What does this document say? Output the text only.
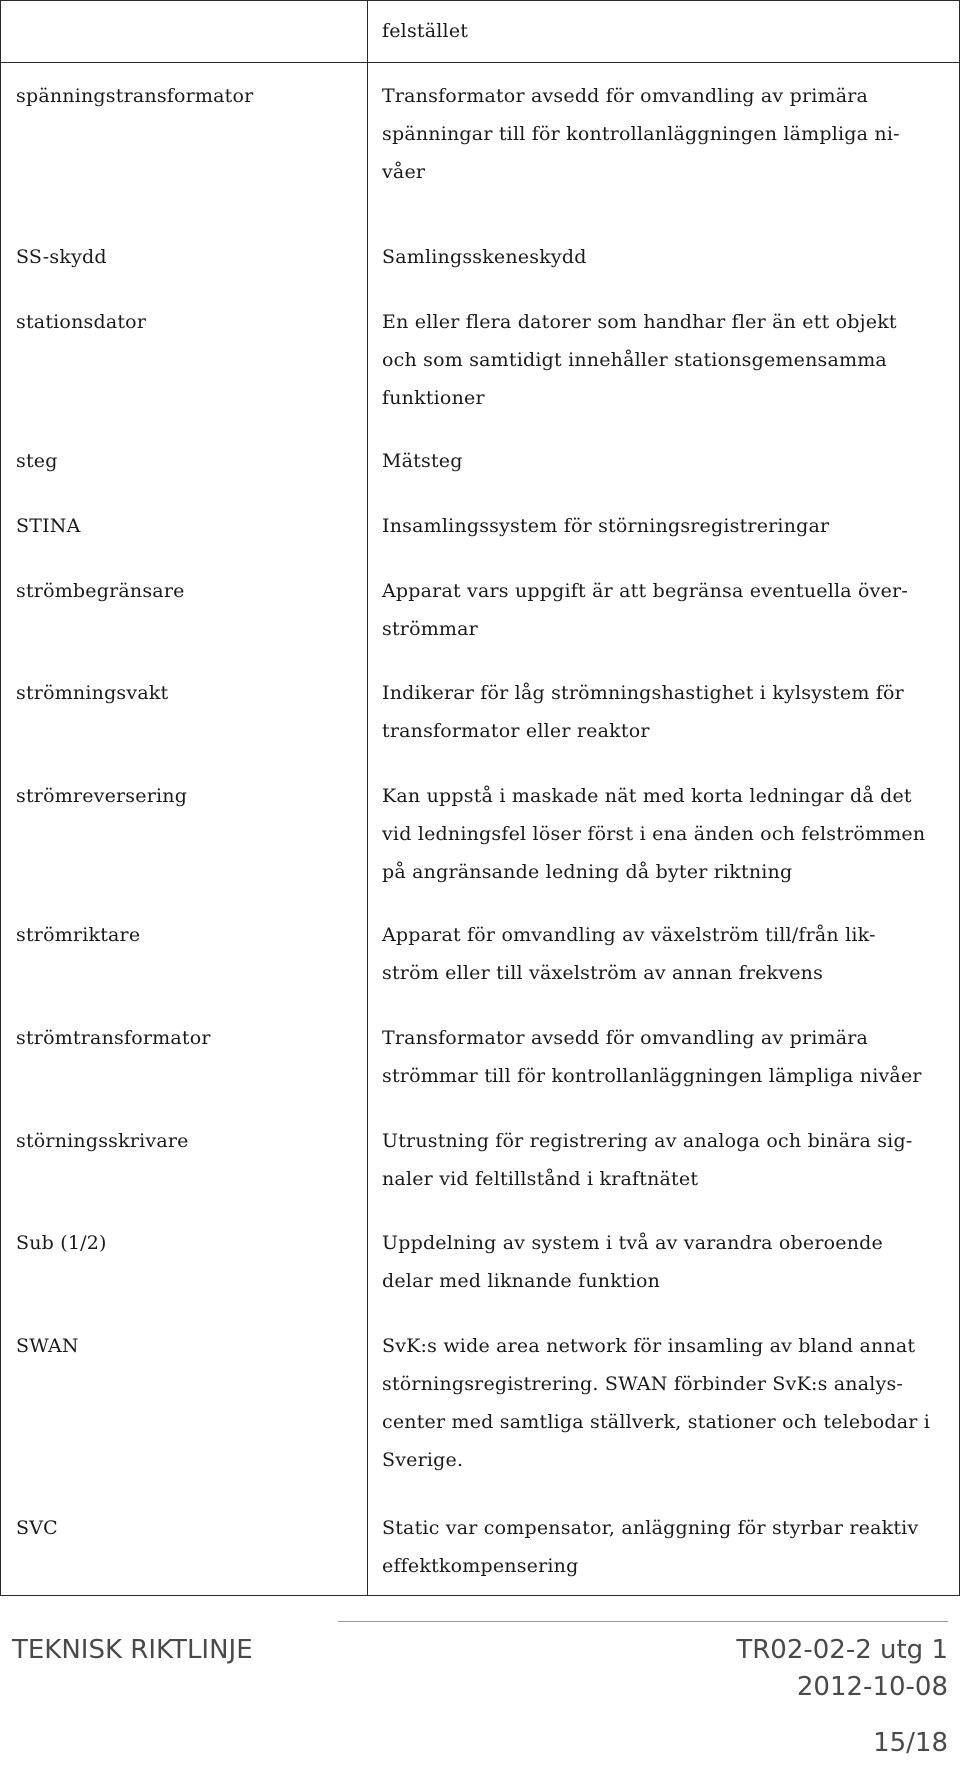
	felstället
spänningstransformator	Transformator avsedd för omvandling av primära
spänningar till för kontrollanläggningen lämpliga ni-
våer

SS-skydd	Samlingsskeneskydd

stationsdator	En eller flera datorer som handhar fler än ett objekt
och som samtidigt innehåller stationsgemensamma
funktioner

steg	Mätsteg

STINA	Insamlingssystem för störningsregistreringar

strömbegränsare	Apparat vars uppgift är att begränsa eventuella över-
strömmar

strömningsvakt	Indikerar för låg strömningshastighet i kylsystem för
transformator eller reaktor

strömreversering	Kan uppstå i maskade nät med korta ledningar då det
vid ledningsfel löser först i ena änden och felströmmen
på angränsande ledning då byter riktning

strömriktare	Apparat för omvandling av växelström till/från lik-
ström eller till växelström av annan frekvens

strömtransformator	Transformator avsedd för omvandling av primära
strömmar till för kontrollanläggningen lämpliga nivåer

störningsskrivare	Utrustning för registrering av analoga och binära sig-
naler vid feltillstånd i kraftnätet

Sub (1/2)	Uppdelning av system i två av varandra oberoende
delar med liknande funktion

SWAN	SvK:s wide area network för insamling av bland annat
störningsregistrering. SWAN förbinder SvK:s analys-
center med samtliga ställverk, stationer och telebodar i
Sverige.

SVC	Static var compensator, anläggning för styrbar reaktiv
effektkompensering
TEKNISK RIKTLINJE	TR02-02-2 utg 1
2012-10-08
15/18
